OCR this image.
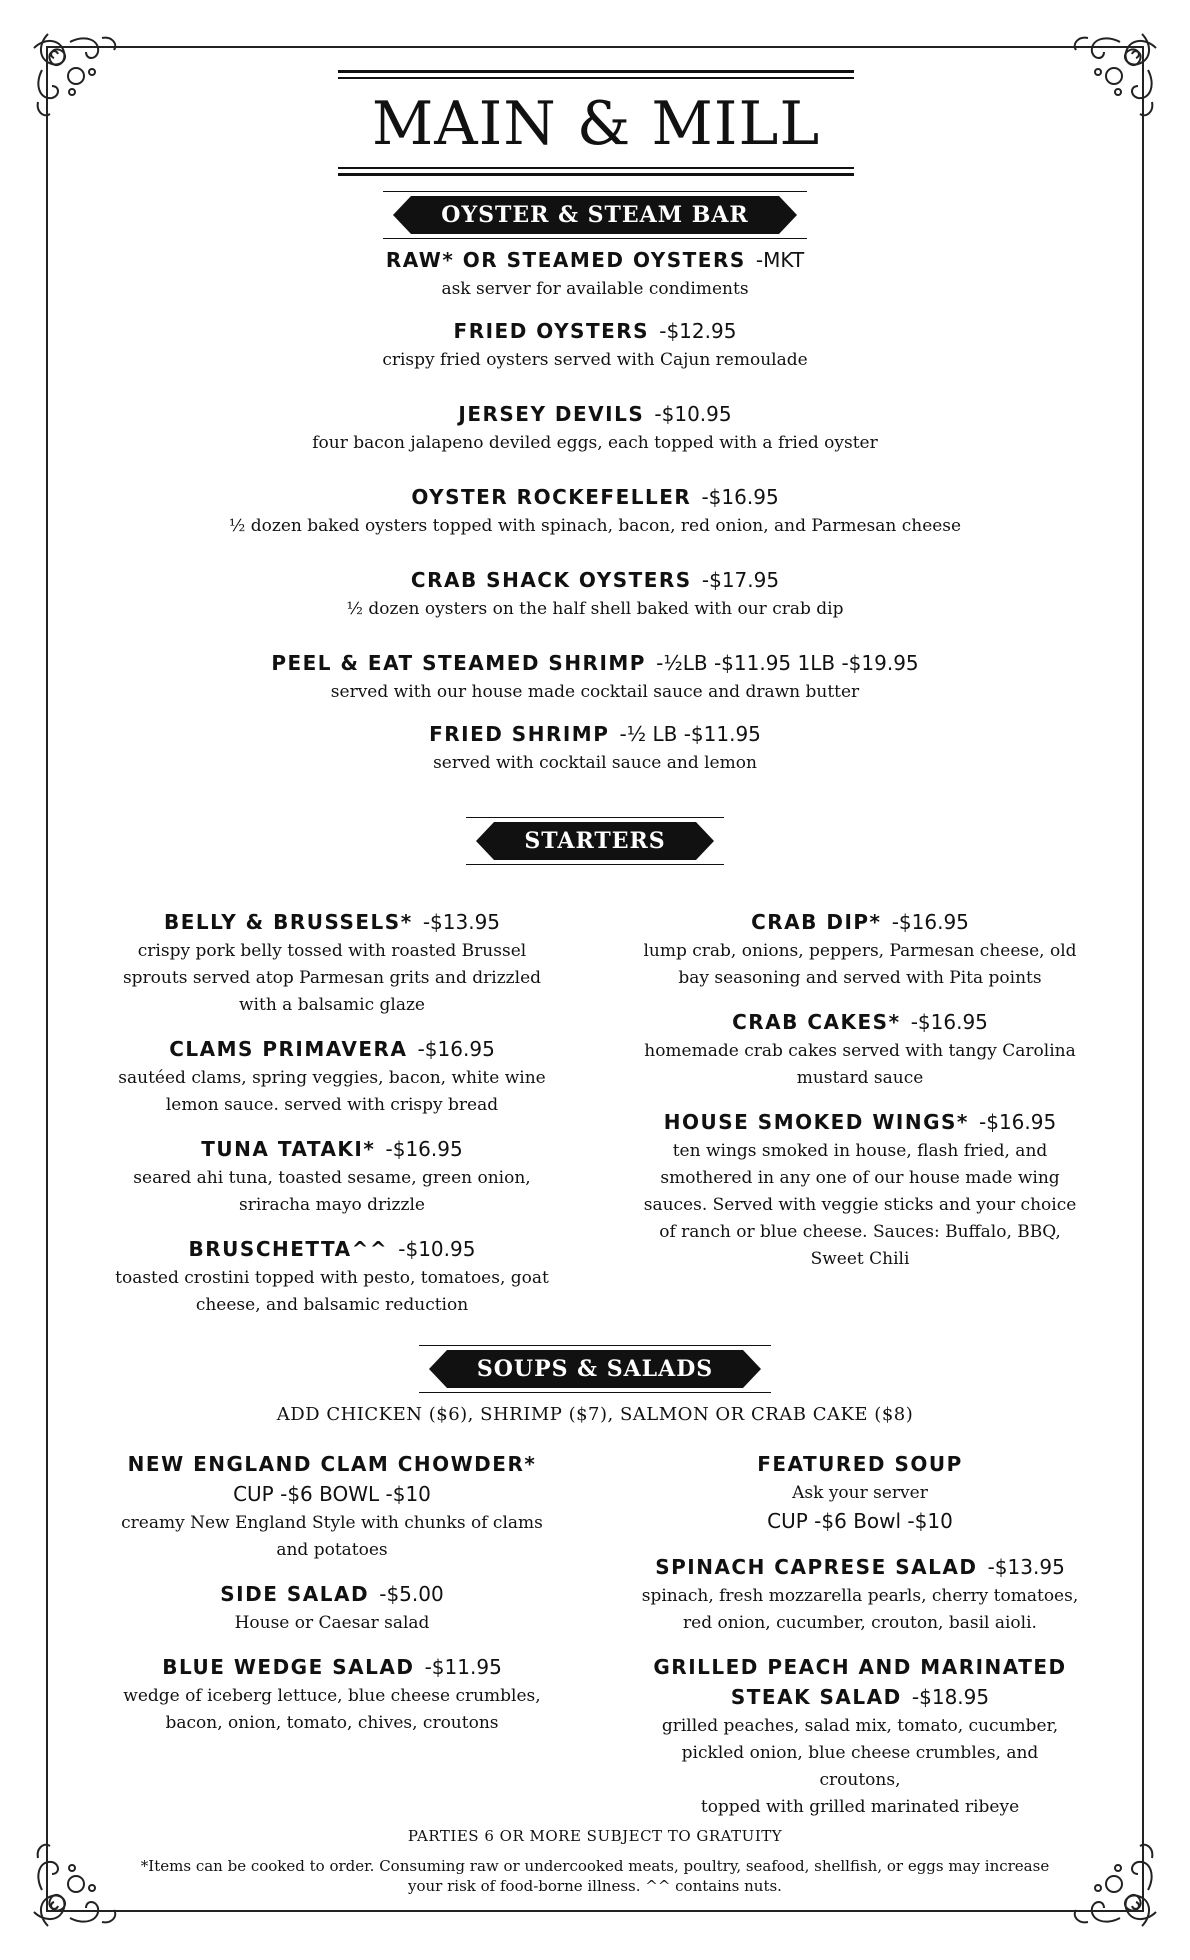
MAIN & MILL
OYSTER & STEAM BAR
RAW* OR STEAMED OYSTERS -MKT
ask server for available condiments
FRIED OYSTERS -$12.95
crispy fried oysters served with Cajun remoulade
JERSEY DEVILS -$10.95
four bacon jalapeno deviled eggs, each topped with a fried oyster
OYSTER ROCKEFELLER -$16.95
½ dozen baked oysters topped with spinach, bacon, red onion, and Parmesan cheese
CRAB SHACK OYSTERS -$17.95
½ dozen oysters on the half shell baked with our crab dip
PEEL & EAT STEAMED SHRIMP -½LB -$11.95 1LB -$19.95
served with our house made cocktail sauce and drawn butter
FRIED SHRIMP -½ LB -$11.95
served with cocktail sauce and lemon
STARTERS
BELLY & BRUSSELS* -$13.95
crispy pork belly tossed with roasted Brussel
sprouts served atop Parmesan grits and drizzled
with a balsamic glaze
CLAMS PRIMAVERA -$16.95
sautéed clams, spring veggies, bacon, white wine
lemon sauce. served with crispy bread
TUNA TATAKI* -$16.95
seared ahi tuna, toasted sesame, green onion,
sriracha mayo drizzle
BRUSCHETTA^^ -$10.95
toasted crostini topped with pesto, tomatoes, goat
cheese, and balsamic reduction
CRAB DIP* -$16.95
lump crab, onions, peppers, Parmesan cheese, old
bay seasoning and served with Pita points
CRAB CAKES* -$16.95
homemade crab cakes served with tangy Carolina
mustard sauce
HOUSE SMOKED WINGS* -$16.95
ten wings smoked in house, flash fried, and
smothered in any one of our house made wing
sauces. Served with veggie sticks and your choice
of ranch or blue cheese. Sauces: Buffalo, BBQ,
Sweet Chili
SOUPS & SALADS
ADD CHICKEN ($6), SHRIMP ($7), SALMON OR CRAB CAKE ($8)
NEW ENGLAND CLAM CHOWDER*
CUP -$6 BOWL -$10
creamy New England Style with chunks of clams
and potatoes
SIDE SALAD -$5.00
House or Caesar salad
BLUE WEDGE SALAD -$11.95
wedge of iceberg lettuce, blue cheese crumbles,
bacon, onion, tomato, chives, croutons
FEATURED SOUP
Ask your server
CUP -$6 Bowl -$10
SPINACH CAPRESE SALAD -$13.95
spinach, fresh mozzarella pearls, cherry tomatoes,
red onion, cucumber, crouton, basil aioli.
GRILLED PEACH AND MARINATED
STEAK SALAD -$18.95
grilled peaches, salad mix, tomato, cucumber,
pickled onion, blue cheese crumbles, and croutons,
topped with grilled marinated ribeye
PARTIES 6 OR MORE SUBJECT TO GRATUITY
*Items can be cooked to order. Consuming raw or undercooked meats, poultry, seafood, shellfish, or eggs may increase
your risk of food-borne illness. ^^ contains nuts.
